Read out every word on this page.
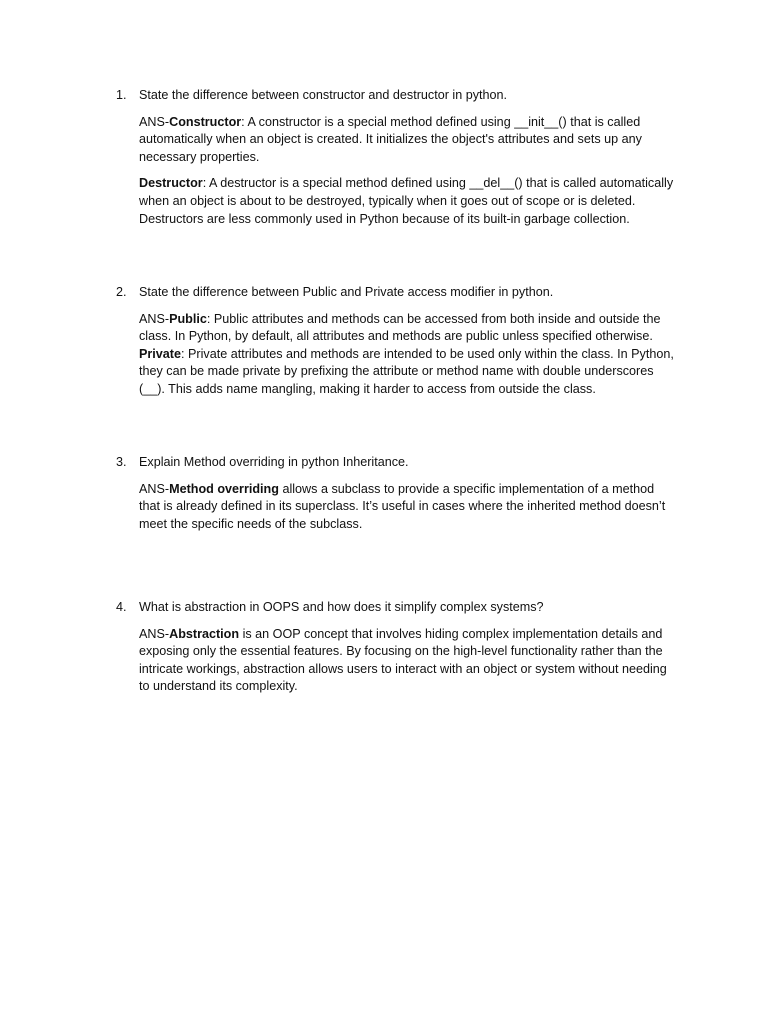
1. State the difference between constructor and destructor in python.

ANS-Constructor: A constructor is a special method defined using __init__() that is called automatically when an object is created. It initializes the object's attributes and sets up any necessary properties.

Destructor: A destructor is a special method defined using __del__() that is called automatically when an object is about to be destroyed, typically when it goes out of scope or is deleted. Destructors are less commonly used in Python because of its built-in garbage collection.

2. State the difference between Public and Private access modifier in python.

ANS-Public: Public attributes and methods can be accessed from both inside and outside the class. In Python, by default, all attributes and methods are public unless specified otherwise. Private: Private attributes and methods are intended to be used only within the class. In Python, they can be made private by prefixing the attribute or method name with double underscores (__). This adds name mangling, making it harder to access from outside the class.

3. Explain Method overriding in python Inheritance.

ANS-Method overriding allows a subclass to provide a specific implementation of a method that is already defined in its superclass. It’s useful in cases where the inherited method doesn’t meet the specific needs of the subclass.

4. What is abstraction in OOPS and how does it simplify complex systems?

ANS-Abstraction is an OOP concept that involves hiding complex implementation details and exposing only the essential features. By focusing on the high-level functionality rather than the intricate workings, abstraction allows users to interact with an object or system without needing to understand its complexity.
